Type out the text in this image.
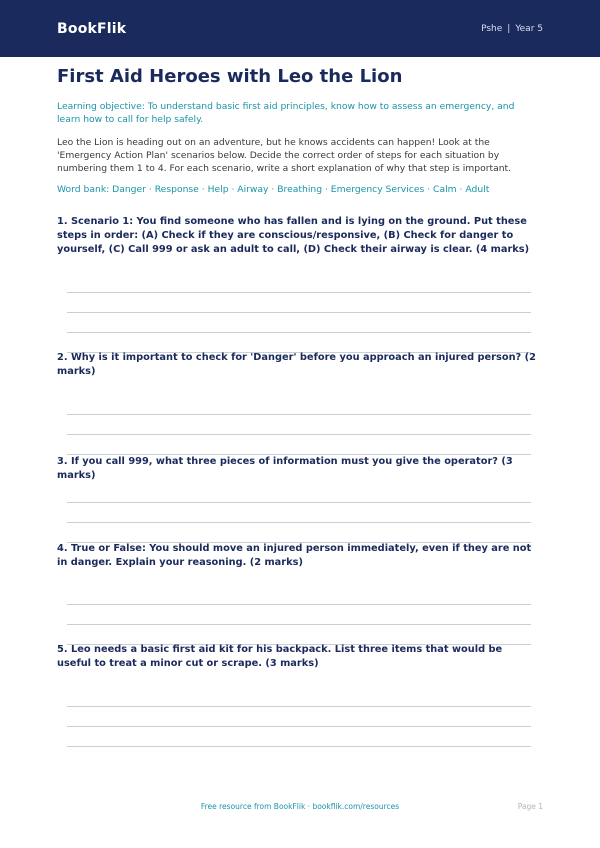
BookFlik	Pshe | Year 5
First Aid Heroes with Leo the Lion
Learning objective: To understand basic first aid principles, know how to assess an emergency, and learn how to call for help safely.
Leo the Lion is heading out on an adventure, but he knows accidents can happen! Look at the 'Emergency Action Plan' scenarios below. Decide the correct order of steps for each situation by numbering them 1 to 4. For each scenario, write a short explanation of why that step is important.
Word bank: Danger · Response · Help · Airway · Breathing · Emergency Services · Calm · Adult
1. Scenario 1: You find someone who has fallen and is lying on the ground. Put these steps in order: (A) Check if they are conscious/responsive, (B) Check for danger to yourself, (C) Call 999 or ask an adult to call, (D) Check their airway is clear. (4 marks)
2. Why is it important to check for 'Danger' before you approach an injured person? (2 marks)
3. If you call 999, what three pieces of information must you give the operator? (3 marks)
4. True or False: You should move an injured person immediately, even if they are not in danger. Explain your reasoning. (2 marks)
5. Leo needs a basic first aid kit for his backpack. List three items that would be useful to treat a minor cut or scrape. (3 marks)
Free resource from BookFlik · bookflik.com/resources	Page 1
